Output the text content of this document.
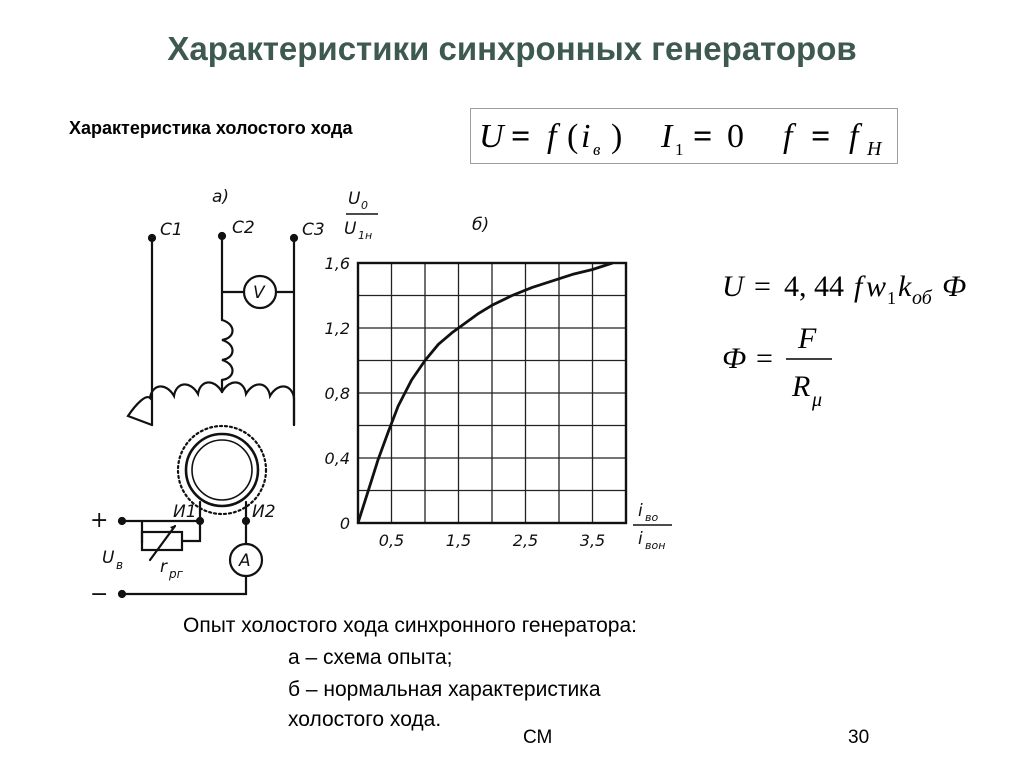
Характеристики синхронных генераторов
Характеристика холостого хода	U = f ( i в ) I 1 = 0 f = f H
U = 4, 44 f w 1 k об Ф
Ф =
F
R μ
а)
С1	С2	С3
V
A
И1	И2
+
−
U в r рг
0
0,4
0,8
1,2
1,6
0,5	1,5	2,5	3,5
б)
U 0
U 1н
i во
i вон
Опыт холостого хода синхронного генератора:
а – схема опыта;
б – нормальная характеристика
холостого хода.
СМ	30
